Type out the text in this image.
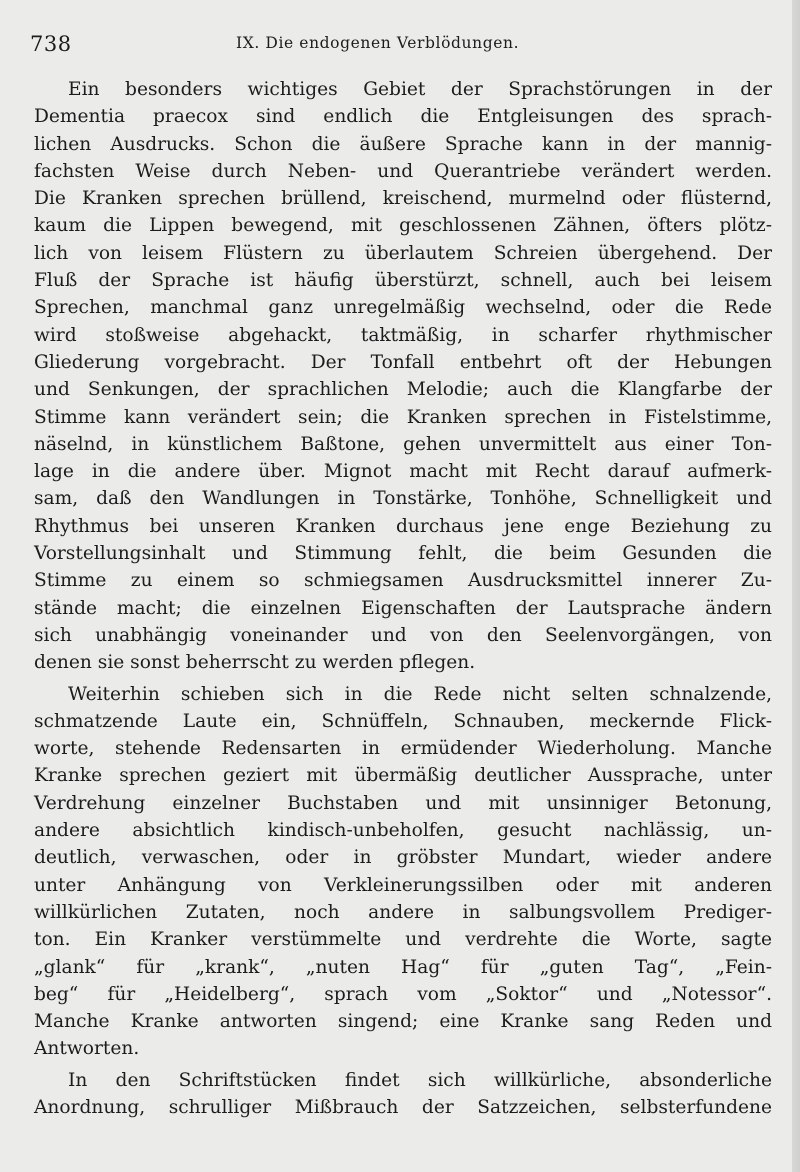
738	IX. Die endogenen Verblödungen.
Ein besonders wichtiges Gebiet der Sprachstörungen in der
Dementia praecox sind endlich die Entgleisungen des sprach-
lichen Ausdrucks. Schon die äußere Sprache kann in der mannig-
fachsten Weise durch Neben- und Querantriebe verändert werden.
Die Kranken sprechen brüllend, kreischend, murmelnd oder flüsternd,
kaum die Lippen bewegend, mit geschlossenen Zähnen, öfters plötz-
lich von leisem Flüstern zu überlautem Schreien übergehend. Der
Fluß der Sprache ist häufig überstürzt, schnell, auch bei leisem
Sprechen, manchmal ganz unregelmäßig wechselnd, oder die Rede
wird stoßweise abgehackt, taktmäßig, in scharfer rhythmischer
Gliederung vorgebracht. Der Tonfall entbehrt oft der Hebungen
und Senkungen, der sprachlichen Melodie; auch die Klangfarbe der
Stimme kann verändert sein; die Kranken sprechen in Fistelstimme,
näselnd, in künstlichem Baßtone, gehen unvermittelt aus einer Ton-
lage in die andere über. Mignot macht mit Recht darauf aufmerk-
sam, daß den Wandlungen in Tonstärke, Tonhöhe, Schnelligkeit und
Rhythmus bei unseren Kranken durchaus jene enge Beziehung zu
Vorstellungsinhalt und Stimmung fehlt, die beim Gesunden die
Stimme zu einem so schmiegsamen Ausdrucksmittel innerer Zu-
stände macht; die einzelnen Eigenschaften der Lautsprache ändern
sich unabhängig voneinander und von den Seelenvorgängen, von
denen sie sonst beherrscht zu werden pflegen.
Weiterhin schieben sich in die Rede nicht selten schnalzende,
schmatzende Laute ein, Schnüffeln, Schnauben, meckernde Flick-
worte, stehende Redensarten in ermüdender Wiederholung. Manche
Kranke sprechen geziert mit übermäßig deutlicher Aussprache, unter
Verdrehung einzelner Buchstaben und mit unsinniger Betonung,
andere absichtlich kindisch-unbeholfen, gesucht nachlässig, un-
deutlich, verwaschen, oder in gröbster Mundart, wieder andere
unter Anhängung von Verkleinerungssilben oder mit anderen
willkürlichen Zutaten, noch andere in salbungsvollem Prediger-
ton. Ein Kranker verstümmelte und verdrehte die Worte, sagte
„glank“ für „krank“, „nuten Hag“ für „guten Tag“, „Fein-
beg“ für „Heidelberg“, sprach vom „Soktor“ und „Notessor“.
Manche Kranke antworten singend; eine Kranke sang Reden und
Antworten.
In den Schriftstücken findet sich willkürliche, absonderliche
Anordnung, schrulliger Mißbrauch der Satzzeichen, selbsterfundene
